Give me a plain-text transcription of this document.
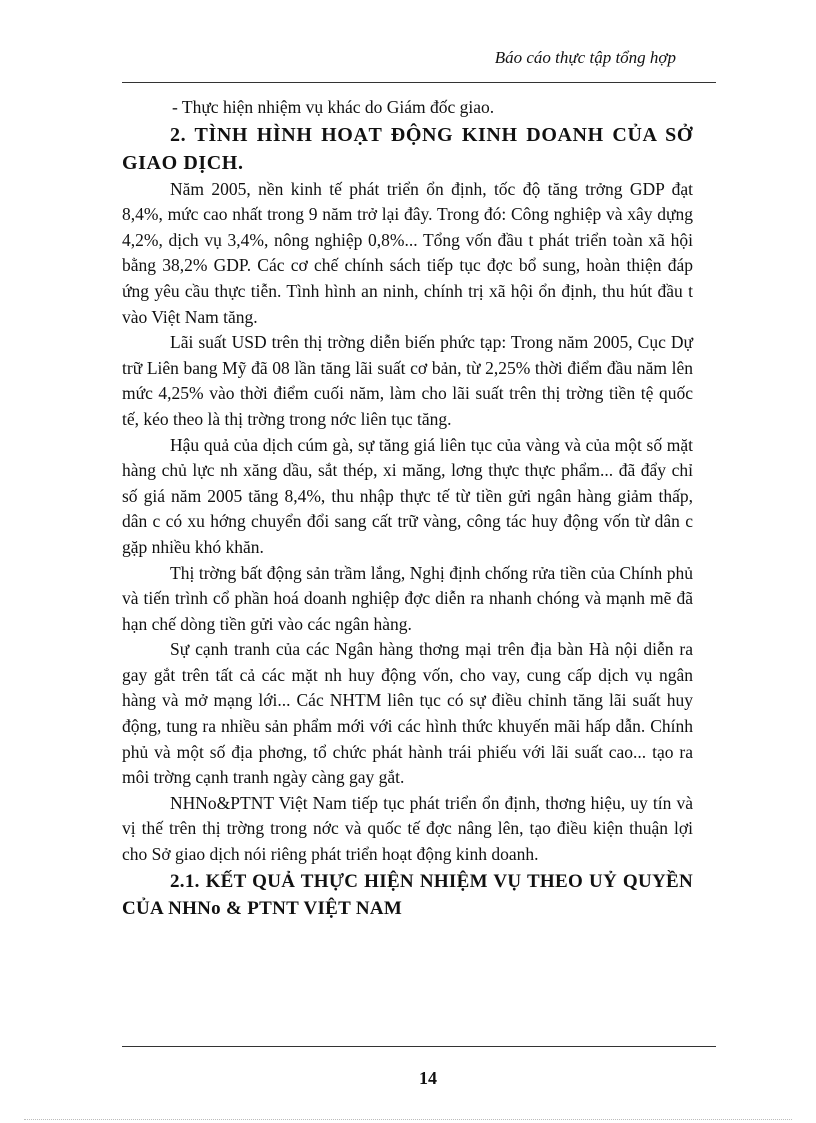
Báo cáo thực tập tổng hợp

- Thực hiện nhiệm vụ khác do Giám đốc giao.

2. TÌNH HÌNH HOẠT ĐỘNG KINH DOANH CỦA SỞ GIAO DỊCH.

Năm 2005, nền kinh tế phát triển ổn định, tốc độ tăng trởng GDP đạt 8,4%, mức cao nhất trong 9 năm trở lại đây. Trong đó: Công nghiệp và xây dựng 4,2%, dịch vụ 3,4%, nông nghiệp 0,8%... Tổng vốn đầu t phát triển toàn xã hội bằng 38,2% GDP. Các cơ chế chính sách tiếp tục đợc bổ sung, hoàn thiện đáp ứng yêu cầu thực tiễn. Tình hình an ninh, chính trị xã hội ổn định, thu hút đầu t vào Việt Nam tăng.

Lãi suất USD trên thị trờng diễn biến phức tạp: Trong năm 2005, Cục Dự trữ Liên bang Mỹ đã 08 lần tăng lãi suất cơ bản, từ 2,25% thời điểm đầu năm lên mức 4,25% vào thời điểm cuối năm, làm cho lãi suất trên thị trờng tiền tệ quốc tế, kéo theo là thị trờng trong nớc liên tục tăng.

Hậu quả của dịch cúm gà, sự tăng giá liên tục của vàng và của một số mặt hàng chủ lực nh xăng dầu, sắt thép, xi măng, lơng thực thực phẩm... đã đẩy chỉ số giá năm 2005 tăng 8,4%, thu nhập thực tế từ tiền gửi ngân hàng giảm thấp, dân c có xu hớng chuyển đổi sang cất trữ vàng, công tác huy động vốn từ dân c gặp nhiều khó khăn.

Thị trờng bất động sản trầm lắng, Nghị định chống rửa tiền của Chính phủ và tiến trình cổ phần hoá doanh nghiệp đợc diễn ra nhanh chóng và mạnh mẽ đã hạn chế dòng tiền gửi vào các ngân hàng.

Sự cạnh tranh của các Ngân hàng thơng mại trên địa bàn Hà nội diễn ra gay gắt trên tất cả các mặt nh huy động vốn, cho vay, cung cấp dịch vụ ngân hàng và mở mạng lới... Các NHTM liên tục có sự điều chỉnh tăng lãi suất huy động, tung ra nhiều sản phẩm mới với các hình thức khuyến mãi hấp dẫn. Chính phủ và một số địa phơng, tổ chức phát hành trái phiếu với lãi suất cao... tạo ra môi trờng cạnh tranh ngày càng gay gắt.

NHNo&PTNT Việt Nam tiếp tục phát triển ổn định, thơng hiệu, uy tín và vị thế trên thị trờng trong nớc và quốc tế đợc nâng lên, tạo điều kiện thuận lợi cho Sở giao dịch nói riêng phát triển hoạt động kinh doanh.

2.1. KẾT QUẢ THỰC HIỆN NHIỆM VỤ THEO UỶ QUYỀN CỦA NHNo & PTNT VIỆT NAM
14
